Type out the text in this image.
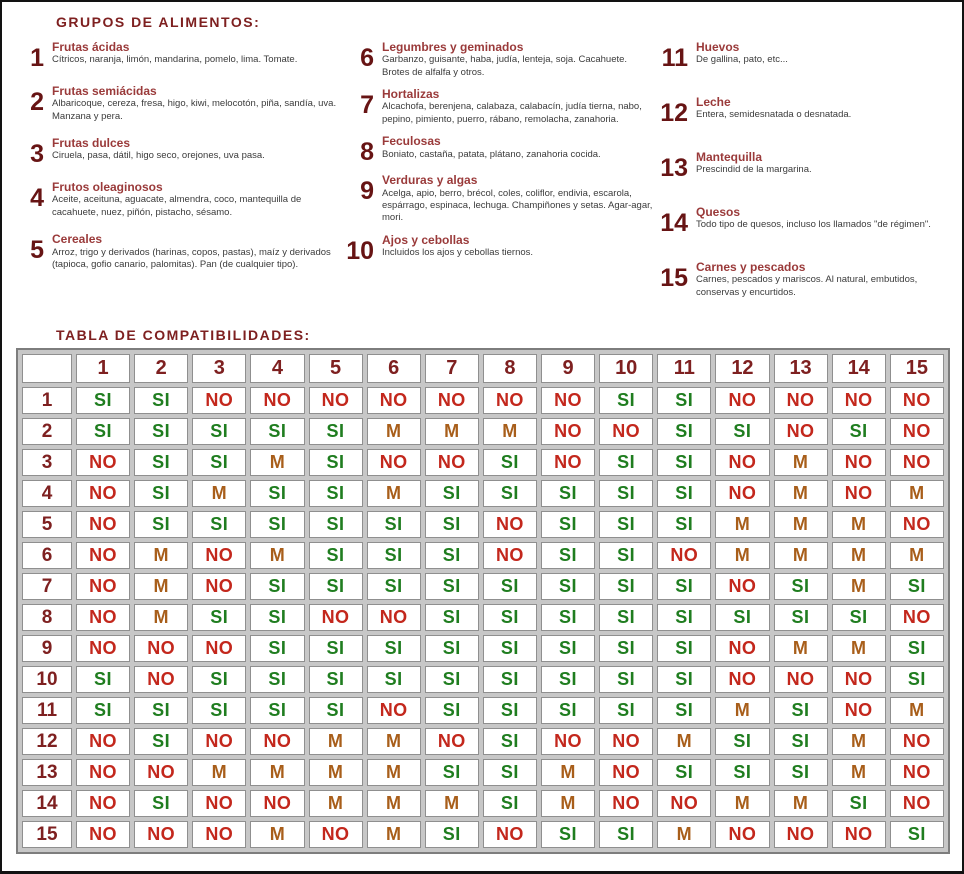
GRUPOS DE ALIMENTOS:
1 Frutas ácidas
Cítricos, naranja, limón, mandarina, pomelo, lima. Tomate.
2 Frutas semiácidas
Albaricoque, cereza, fresa, higo, kiwi, melocotón, piña, sandía, uva. Manzana y pera.
3 Frutas dulces
Ciruela, pasa, dátil, higo seco, orejones, uva pasa.
4 Frutos oleaginosos
Aceite, aceituna, aguacate, almendra, coco, mantequilla de cacahuete, nuez, piñón, pistacho, sésamo.
5 Cereales
Arroz, trigo y derivados (harinas, copos, pastas), maíz y derivados (tapioca, gofio canario, palomitas). Pan (de cualquier tipo).
6 Legumbres y geminados
Garbanzo, guisante, haba, judía, lenteja, soja. Cacahuete. Brotes de alfalfa y otros.
7 Hortalizas
Alcachofa, berenjena, calabaza, calabacín, judía tierna, nabo, pepino, pimiento, puerro, rábano, remolacha, zanahoria.
8 Feculosas
Boniato, castaña, patata, plátano, zanahoria cocida.
9 Verduras y algas
Acelga, apio, berro, brécol, coles, coliflor, endivia, escarola, espárrago, espinaca, lechuga. Champiñones y setas. Agar-agar, mori.
10 Ajos y cebollas
Incluidos los ajos y cebollas tiernos.
11 Huevos
De gallina, pato, etc...
12 Leche
Entera, semidesnatada o desnatada.
13 Mantequilla
Prescindid de la margarina.
14 Quesos
Todo tipo de quesos, incluso los llamados "de régimen".
15 Carnes y pescados
Carnes, pescados y mariscos. Al natural, embutidos, conservas y encurtidos.
TABLA DE COMPATIBILIDADES:
	1	2	3	4	5	6	7	8	9	10	11	12	13	14	15
1	SI	SI	NO	NO	NO	NO	NO	NO	NO	SI	SI	NO	NO	NO	NO
2	SI	SI	SI	SI	SI	M	M	M	NO	NO	SI	SI	NO	SI	NO
3	NO	SI	SI	M	SI	NO	NO	SI	NO	SI	SI	NO	M	NO	NO
4	NO	SI	M	SI	SI	M	SI	SI	SI	SI	SI	NO	M	NO	M
5	NO	SI	SI	SI	SI	SI	SI	NO	SI	SI	SI	M	M	M	NO
6	NO	M	NO	M	SI	SI	SI	NO	SI	SI	NO	M	M	M	M
7	NO	M	NO	SI	SI	SI	SI	SI	SI	SI	SI	NO	SI	M	SI
8	NO	M	SI	SI	NO	NO	SI	SI	SI	SI	SI	SI	SI	SI	NO
9	NO	NO	NO	SI	SI	SI	SI	SI	SI	SI	SI	NO	M	M	SI
10	SI	NO	SI	SI	SI	SI	SI	SI	SI	SI	SI	NO	NO	NO	SI
11	SI	SI	SI	SI	SI	NO	SI	SI	SI	SI	SI	M	SI	NO	M
12	NO	SI	NO	NO	M	M	NO	SI	NO	NO	M	SI	SI	M	NO
13	NO	NO	M	M	M	M	SI	SI	M	NO	SI	SI	SI	M	NO
14	NO	SI	NO	NO	M	M	M	SI	M	NO	NO	M	M	SI	NO
15	NO	NO	NO	M	NO	M	SI	NO	SI	SI	M	NO	NO	NO	SI
